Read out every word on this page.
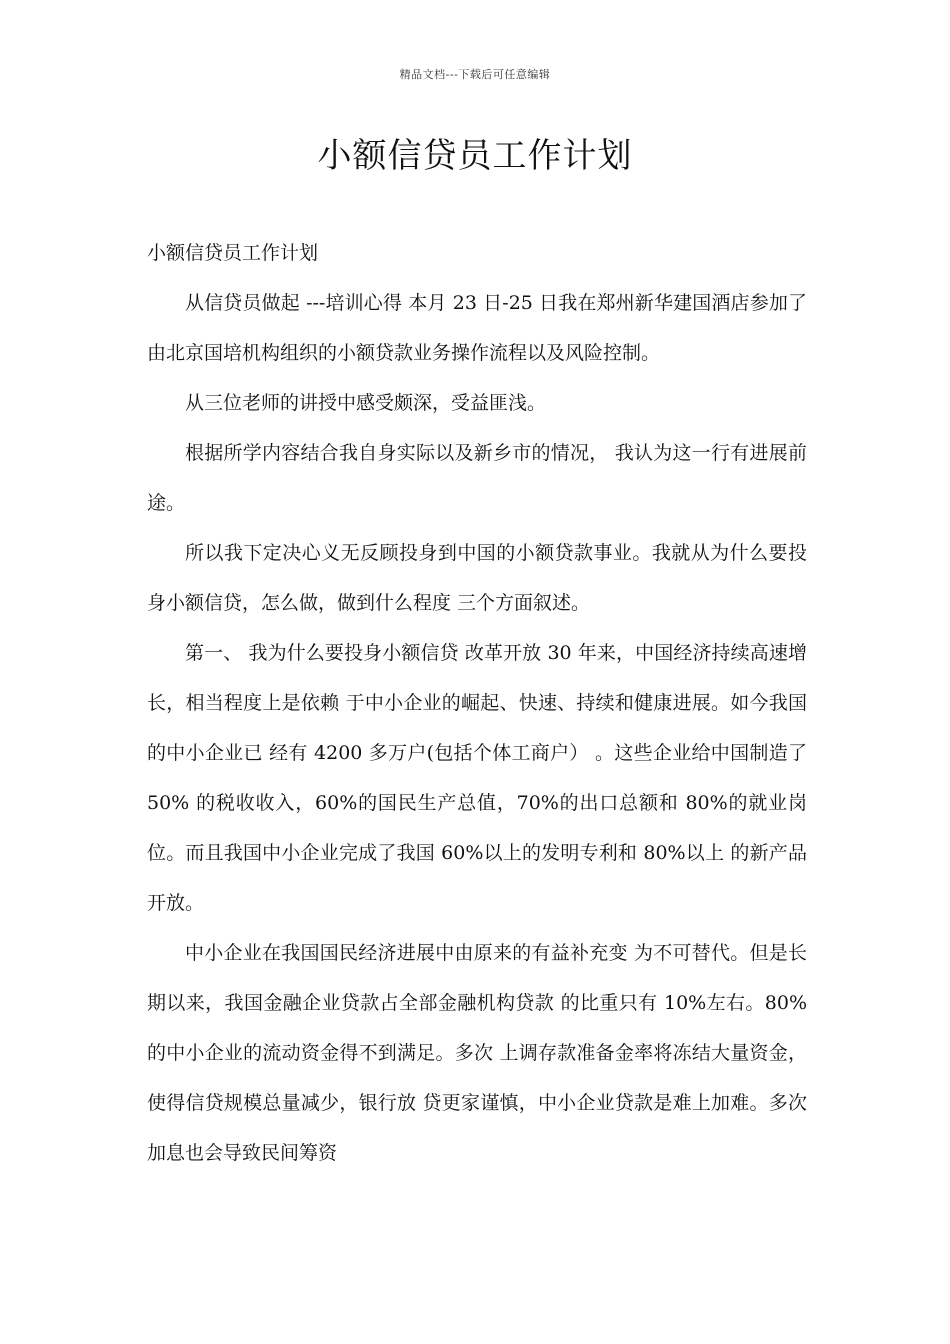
精品文档---下载后可任意编辑
小额信贷员工作计划

小额信贷员工作计划

从信贷员做起 ---培训心得 本月 23 日-25 日我在郑州新华建国酒店参加了由北京国培机构组织的小额贷款业务操作流程以及风险控制。

从三位老师的讲授中感受颇深，受益匪浅。

根据所学内容结合我自身实际以及新乡市的情况， 我认为这一行有进展前途。

所以我下定决心义无反顾投身到中国的小额贷款事业。我就从为什么要投身小额信贷，怎么做，做到什么程度 三个方面叙述。

第一、 我为什么要投身小额信贷 改革开放 30 年来，中国经济持续高速增长，相当程度上是依赖 于中小企业的崛起、快速、持续和健康进展。如今我国的中小企业已 经有 4200 多万户(包括个体工商户） 。这些企业给中国制造了 50% 的税收收入，60%的国民生产总值，70%的出口总额和 80%的就业岗 位。而且我国中小企业完成了我国 60%以上的发明专利和 80%以上 的新产品开放。

中小企业在我国国民经济进展中由原来的有益补充变 为不可替代。但是长期以来，我国金融企业贷款占全部金融机构贷款 的比重只有 10%左右。80%的中小企业的流动资金得不到满足。多次 上调存款准备金率将冻结大量资金，使得信贷规模总量减少，银行放 贷更家谨慎，中小企业贷款是难上加难。多次加息也会导致民间筹资
